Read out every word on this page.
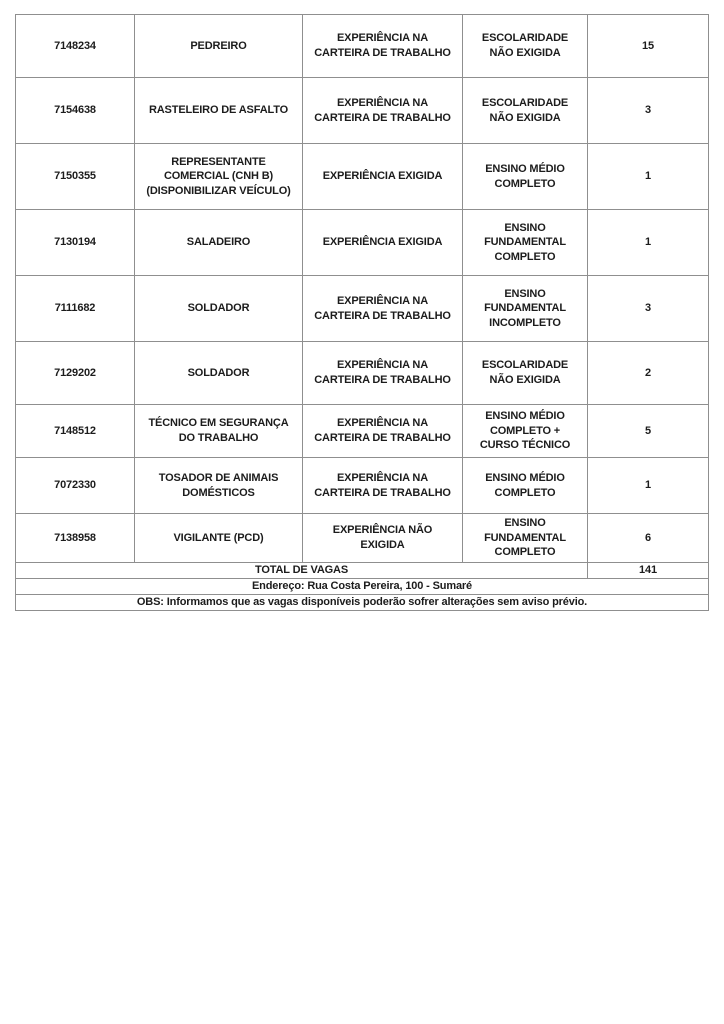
7148234	PEDREIRO	EXPERIÊNCIA NA CARTEIRA DE TRABALHO	ESCOLARIDADE NÃO EXIGIDA	15
7154638	RASTELEIRO DE ASFALTO	EXPERIÊNCIA NA CARTEIRA DE TRABALHO	ESCOLARIDADE NÃO EXIGIDA	3
7150355	REPRESENTANTE COMERCIAL (CNH B) (DISPONIBILIZAR VEÍCULO)	EXPERIÊNCIA EXIGIDA	ENSINO MÉDIO COMPLETO	1
7130194	SALADEIRO	EXPERIÊNCIA EXIGIDA	ENSINO FUNDAMENTAL COMPLETO	1
7111682	SOLDADOR	EXPERIÊNCIA NA CARTEIRA DE TRABALHO	ENSINO FUNDAMENTAL INCOMPLETO	3
7129202	SOLDADOR	EXPERIÊNCIA NA CARTEIRA DE TRABALHO	ESCOLARIDADE NÃO EXIGIDA	2
7148512	TÉCNICO EM SEGURANÇA DO TRABALHO	EXPERIÊNCIA NA CARTEIRA DE TRABALHO	ENSINO MÉDIO COMPLETO + CURSO TÉCNICO	5
7072330	TOSADOR DE ANIMAIS DOMÉSTICOS	EXPERIÊNCIA NA CARTEIRA DE TRABALHO	ENSINO MÉDIO COMPLETO	1
7138958	VIGILANTE (PCD)	EXPERIÊNCIA NÃO EXIGIDA	ENSINO FUNDAMENTAL COMPLETO	6
TOTAL DE VAGAS				141
Endereço: Rua Costa Pereira, 100 - Sumaré				
OBS: Informamos que as vagas disponíveis poderão sofrer alterações sem aviso prévio.				
